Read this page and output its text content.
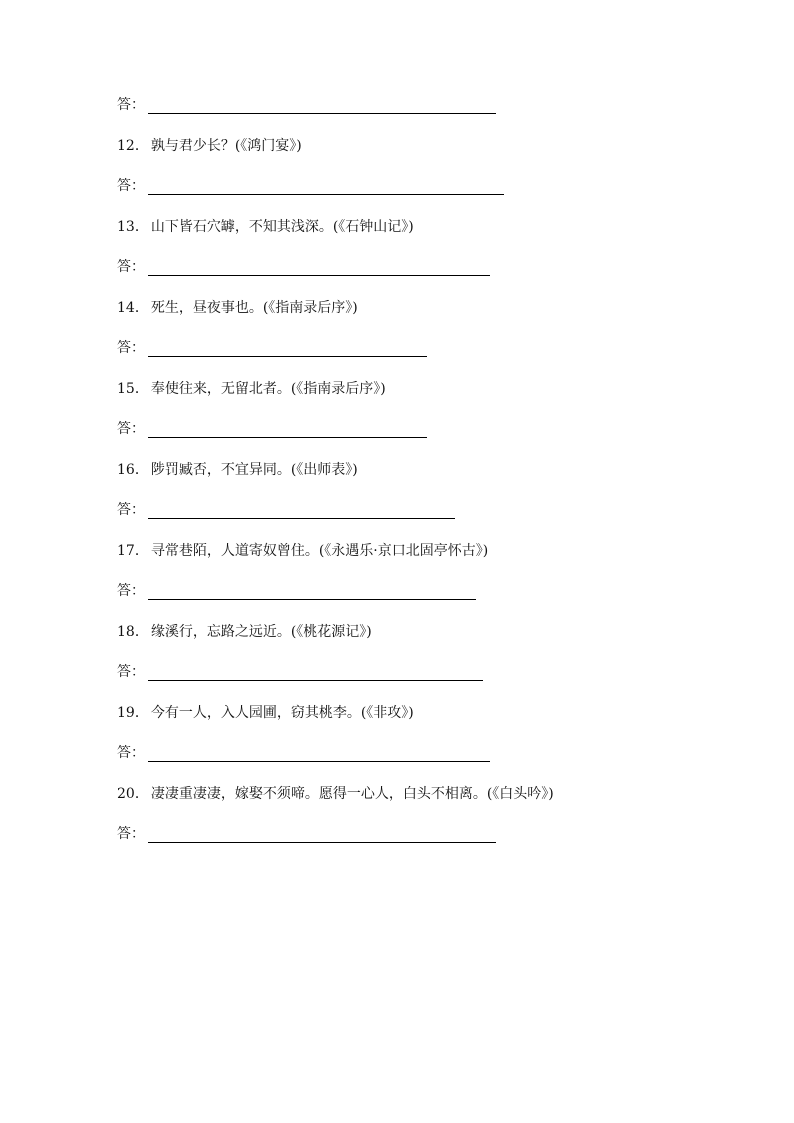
答：
12． 孰与君少长？(《鸿门宴》)
答：
13． 山下皆石穴罅，不知其浅深。(《石钟山记》)
答：
14． 死生，昼夜事也。(《指南录后序》)
答：
15． 奉使往来，无留北者。(《指南录后序》)
答：
16． 陟罚臧否，不宜异同。(《出师表》)
答：
17． 寻常巷陌，人道寄奴曾住。(《永遇乐·京口北固亭怀古》)
答：
18． 缘溪行，忘路之远近。(《桃花源记》)
答：
19． 今有一人，入人园圃，窃其桃李。(《非攻》)
答：
20． 凄凄重凄凄，嫁娶不须啼。愿得一心人，白头不相离。(《白头吟》)
答：
